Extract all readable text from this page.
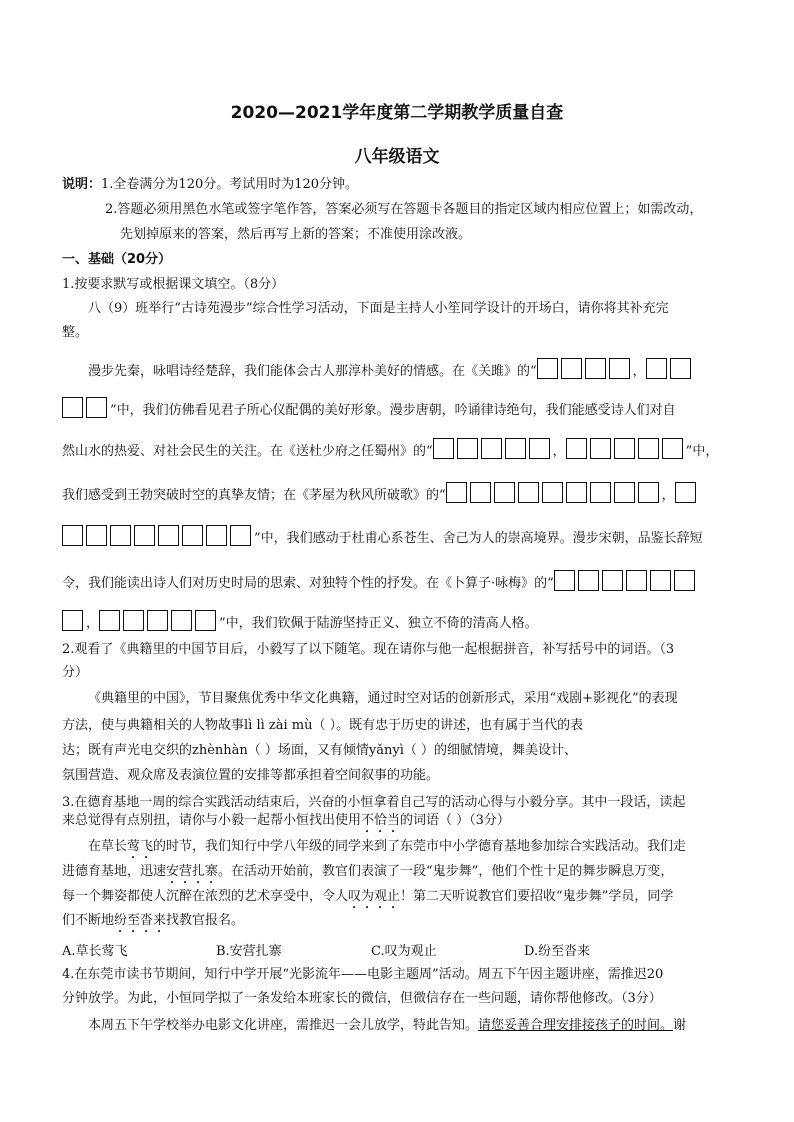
2020—2021学年度第二学期教学质量自查
八年级语文
说明：1.全卷满分为120分。考试用时为120分钟。
2.答题必须用黑色水笔或签字笔作答，答案必须写在答题卡各题目的指定区域内相应位置上；如需改动，
先划掉原来的答案，然后再写上新的答案；不准使用涂改液。
一、基础（20分）
1.按要求默写或根据课文填空。（8分）
八（9）班举行“古诗苑漫步”综合性学习活动，下面是主持人小笙同学设计的开场白，请你将其补充完
整。
漫步先秦，咏唱诗经楚辞，我们能体会古人那淳朴美好的情感。在《关雎》的“	，
”中，我们仿佛看见君子所心仪配偶的美好形象。漫步唐朝，吟诵律诗绝句，我们能感受诗人们对自
然山水的热爱、对社会民生的关注。在《送杜少府之任蜀州》的“	，	”中，
我们感受到王勃突破时空的真挚友情；在《茅屋为秋风所破歌》的“	，
”中，我们感动于杜甫心系苍生、舍己为人的崇高境界。漫步宋朝，品鉴长辞短
令，我们能读出诗人们对历史时局的思索、对独特个性的抒发。在《卜算子·咏梅》的“
，	”中，我们钦佩于陆游坚持正义、独立不倚的清高人格。
2.观看了《典籍里的中国节目后，小毅写了以下随笔。现在请你与他一起根据拼音，补写括号中的词语。（3
分）
《典籍里的中国》，节目聚焦优秀中华文化典籍，通过时空对话的创新形式，采用“戏剧+影视化”的表现
方法，使与典籍相关的人物故事lì lì zài mù（ ）。既有忠于历史的讲述，也有属于当代的表
达；既有声光电交织的zhènhàn（ ）场面，又有倾情yǎnyì（ ）的细腻情境，舞美设计、
氛围营造、观众席及表演位置的安排等都承担着空间叙事的功能。
3.在德育基地一周的综合实践活动结束后，兴奋的小恒拿着自己写的活动心得与小毅分享。其中一段话，读起
来总觉得有点别扭，请你与小毅一起帮小恒找出使用不恰当的词语（ ）（3分）
在草长莺飞的时节，我们知行中学八年级的同学来到了东莞市中小学德育基地参加综合实践活动。我们走
进德育基地，迅速安营扎寨。在活动开始前，教官们表演了一段“鬼步舞”，他们个性十足的舞步瞬息万变，
每一个舞姿都使人沉醉在浓烈的艺术享受中，令人叹为观止！第二天听说教官们要招收“鬼步舞”学员，同学
们不断地纷至沓来找教官报名。
A.草长莺飞	B.安营扎寨	C.叹为观止	D.纷至沓来
4.在东莞市读书节期间，知行中学开展“光影流年——电影主题周”活动。周五下午因主题讲座，需推迟20
分钟放学。为此，小恒同学拟了一条发给本班家长的微信，但微信存在一些问题，请你帮他修改。（3分）
本周五下午学校举办电影文化讲座，需推迟一会儿放学，特此告知。请您妥善合理安排接孩子的时间。谢
